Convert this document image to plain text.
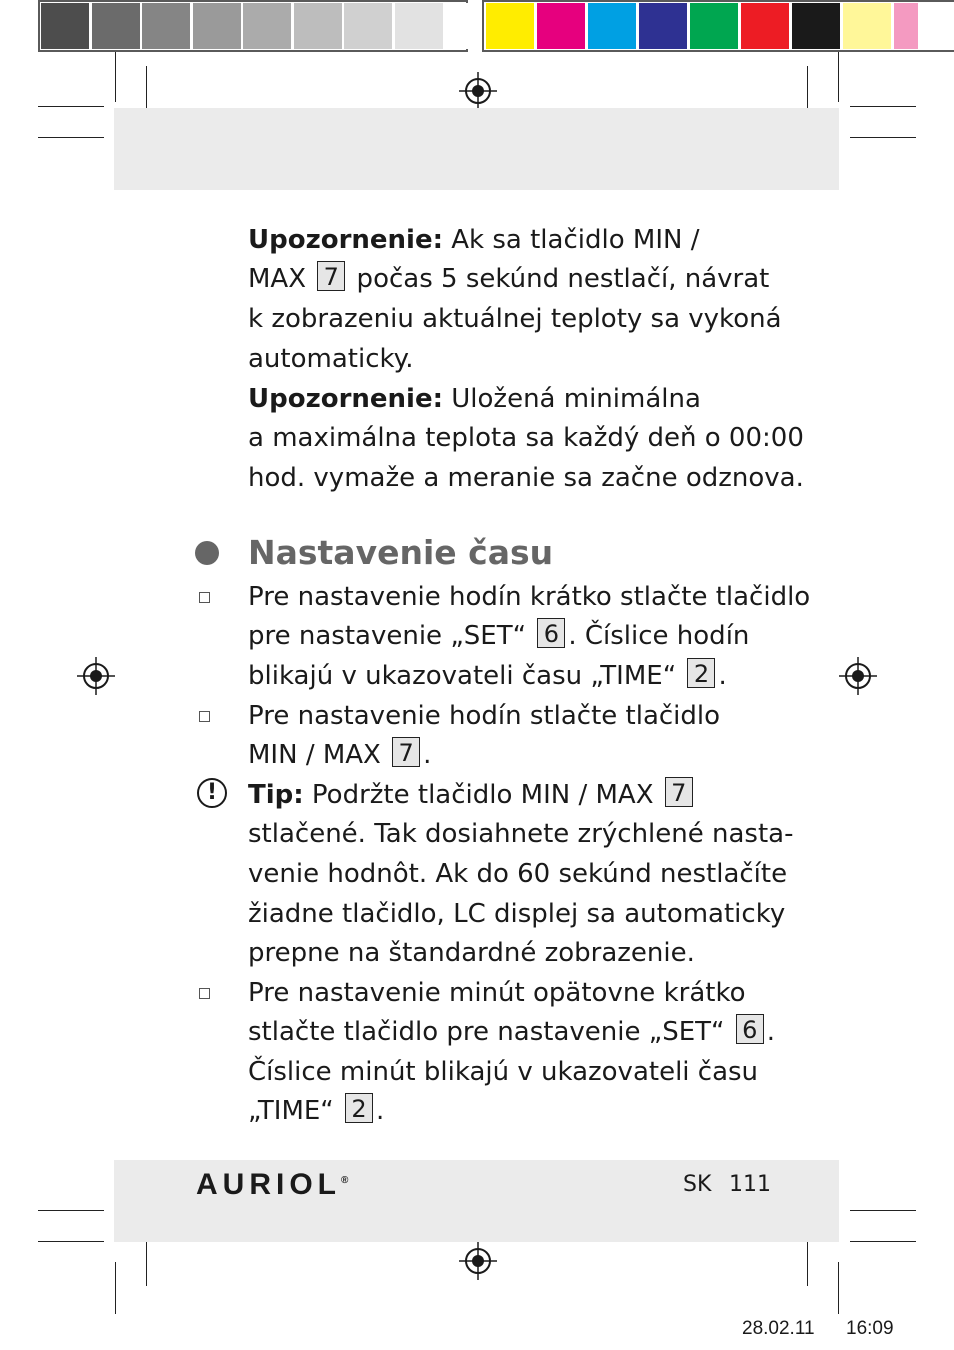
Upozornenie: Ak sa tlačidlo MIN /
MAX 7 počas 5 sekúnd nestlačí, návrat
k zobrazeniu aktuálnej teploty sa vykoná
automaticky.
Upozornenie: Uložená minimálna
a maximálna teplota sa každý deň o 00:00
hod. vymaže a meranie sa začne odznova.
Nastavenie času
Pre nastavenie hodín krátko stlačte tlačidlo
pre nastavenie „SET“ 6 . Číslice hodín
blikajú v ukazovateli času „TIME“ 2 .
Pre nastavenie hodín stlačte tlačidlo
MIN / MAX 7 .
!	Tip: Podržte tlačidlo MIN / MAX 7
stlačené. Tak dosiahnete zrýchlené nasta-
venie hodnôt. Ak do 60 sekúnd nestlačíte
žiadne tlačidlo, LC displej sa automaticky
prepne na štandardné zobrazenie.
Pre nastavenie minút opätovne krátko
stlačte tlačidlo pre nastavenie „SET“ 6 .
Číslice minút blikajú v ukazovateli času
„TIME“ 2 .
AURIOL®	SK 111
28.02.11 16:09
